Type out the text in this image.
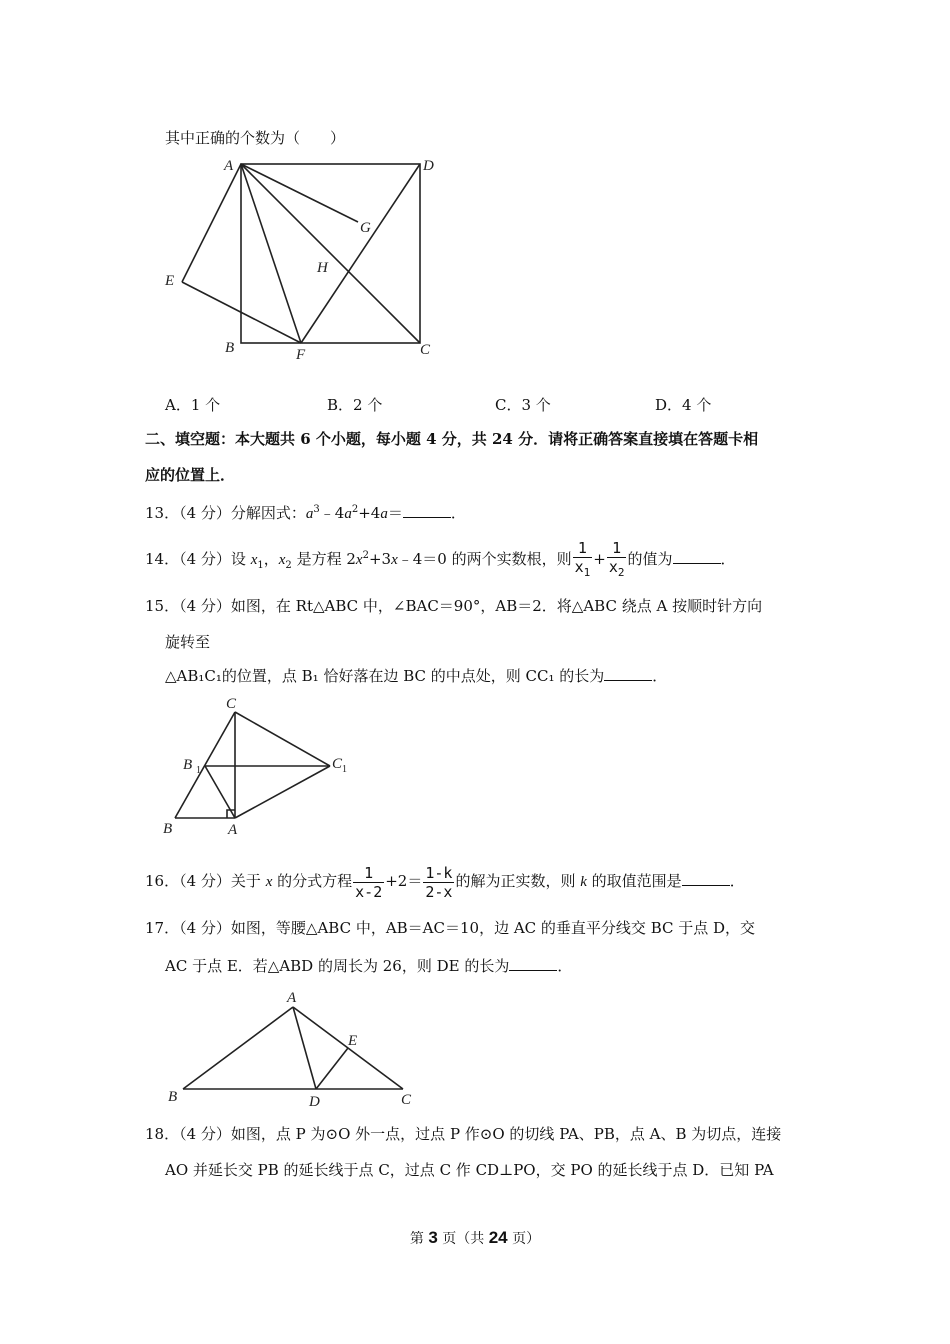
其中正确的个数为（　　）
A	D
G
H
E
B	F	C
A．1 个	B．2 个	C．3 个	D．4 个
二、填空题：本大题共 6 个小题，每小题 4 分，共 24 分．请将正确答案直接填在答题卡相
应的位置上．
13．（4 分）分解因式：$a^3﹣4a^2+4a=$	．
14．（4 分）设 $x_1$，$x_2$ 是方程 $2x^2+3x﹣4=0$ 的两个实数根，则 $\frac{1}{x_1} + \frac{1}{x_2}$ 的值为	．
15．（4 分）如图，在 Rt△ABC 中，∠BAC＝90°，AB＝2．将△ABC 绕点 A 按顺时针方向
旋转至
△AB₁C₁的位置，点 B₁ 恰好落在边 BC 的中点处，则 CC₁ 的长为	．
C
B 1	C 1
B	A
16．（4 分）关于 x 的分式方程 $\frac{1}{x-2} +2= \frac{1-k}{2-x}$ 的解为正实数，则 k 的取值范围是	．
17．（4 分）如图，等腰△ABC 中，AB＝AC＝10，边 AC 的垂直平分线交 BC 于点 D，交
AC 于点 E．若△ABD 的周长为 26，则 DE 的长为	．
A
E
B	D	C
18．（4 分）如图，点 P 为⊙O 外一点，过点 P 作⊙O 的切线 PA、PB，点 A、B 为切点，连接
AO 并延长交 PB 的延长线于点 C，过点 C 作 CD⊥PO，交 PO 的延长线于点 D．已知 PA
第 3 页（共 24 页）
